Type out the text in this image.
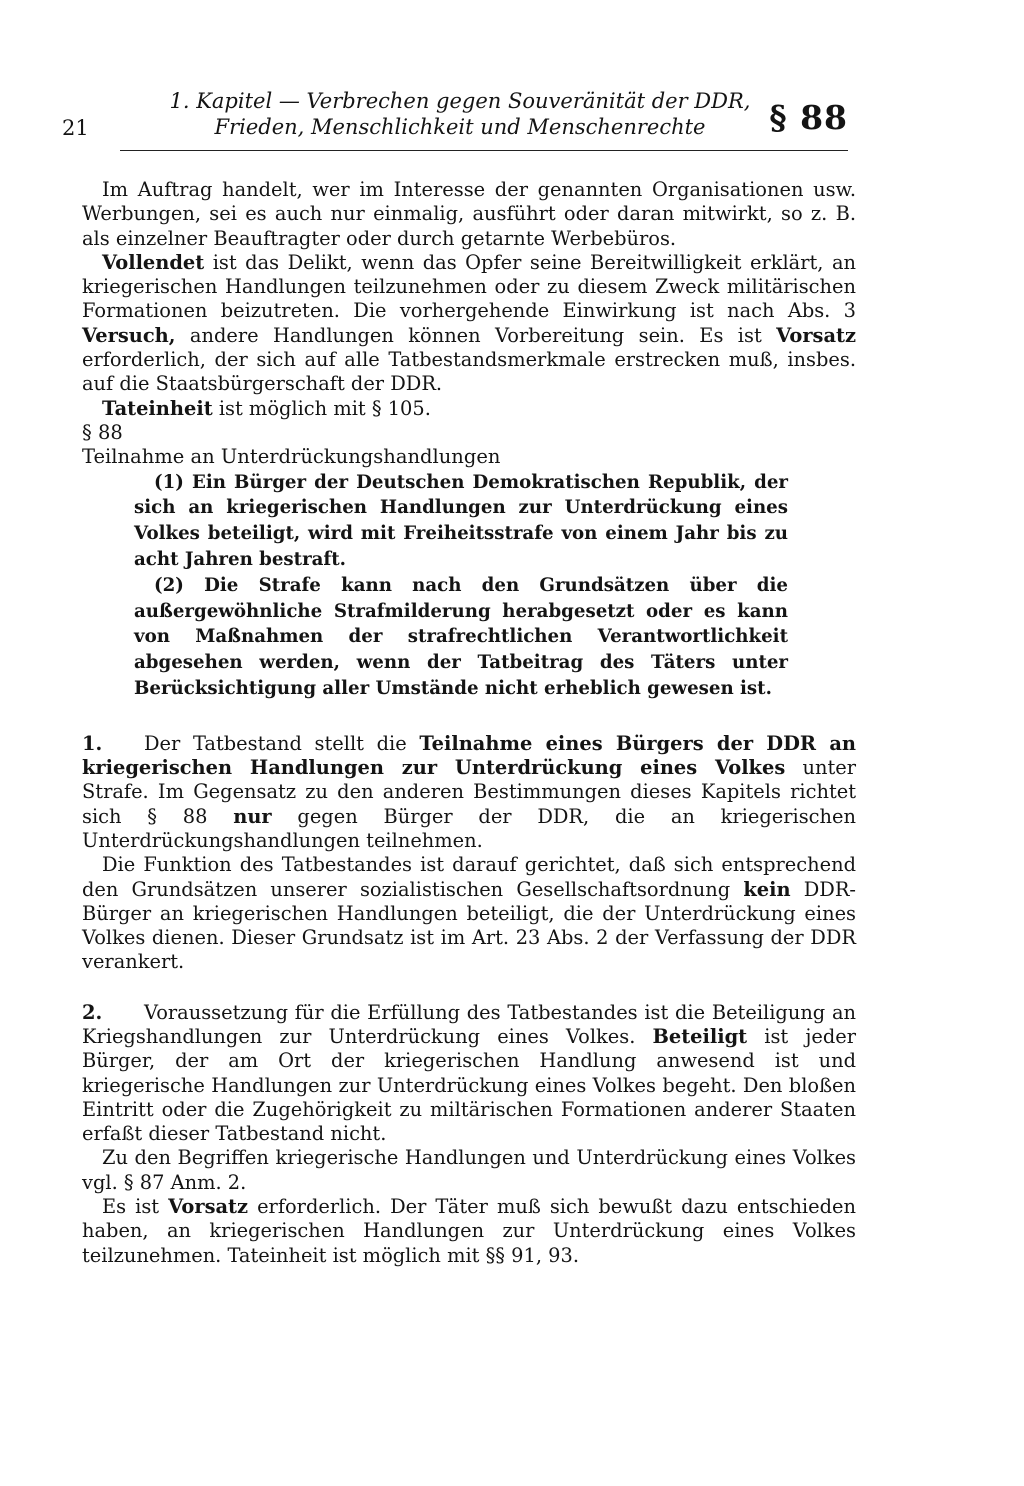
21
1. Kapitel — Verbrechen gegen Souveränität der DDR,
Frieden, Menschlichkeit und Menschenrechte	§ 88

Im Auftrag handelt, wer im Interesse der genannten Organisationen usw. Werbungen, sei es auch nur einmalig, ausführt oder daran mitwirkt, so z. B. als einzelner Beauftragter oder durch getarnte Werbebüros.

Vollendet ist das Delikt, wenn das Opfer seine Bereitwilligkeit erklärt, an kriegerischen Handlungen teilzunehmen oder zu diesem Zweck militärischen Formationen beizutreten. Die vorhergehende Einwirkung ist nach Abs. 3 Versuch, andere Handlungen können Vorbereitung sein. Es ist Vorsatz erforderlich, der sich auf alle Tatbestandsmerkmale erstrecken muß, insbes. auf die Staatsbürgerschaft der DDR.

Tateinheit ist möglich mit § 105.

§ 88

Teilnahme an Unterdrückungshandlungen

(1) Ein Bürger der Deutschen Demokratischen Republik, der sich an kriegerischen Handlungen zur Unterdrückung eines Volkes beteiligt, wird mit Freiheitsstrafe von einem Jahr bis zu acht Jahren bestraft.

(2) Die Strafe kann nach den Grundsätzen über die außergewöhnliche Strafmilderung herabgesetzt oder es kann von Maßnahmen der strafrechtlichen Verantwortlichkeit abgesehen werden, wenn der Tatbeitrag des Täters unter Berücksichtigung aller Umstände nicht erheblich gewesen ist.

1. Der Tatbestand stellt die Teilnahme eines Bürgers der DDR an kriegerischen Handlungen zur Unterdrückung eines Volkes unter Strafe. Im Gegensatz zu den anderen Bestimmungen dieses Kapitels richtet sich § 88 nur gegen Bürger der DDR, die an kriegerischen Unterdrückungshandlungen teilnehmen.

Die Funktion des Tatbestandes ist darauf gerichtet, daß sich entsprechend den Grundsätzen unserer sozialistischen Gesellschaftsordnung kein DDR-Bürger an kriegerischen Handlungen beteiligt, die der Unterdrückung eines Volkes dienen. Dieser Grundsatz ist im Art. 23 Abs. 2 der Verfassung der DDR verankert.

2. Voraussetzung für die Erfüllung des Tatbestandes ist die Beteiligung an Kriegshandlungen zur Unterdrückung eines Volkes. Beteiligt ist jeder Bürger, der am Ort der kriegerischen Handlung anwesend ist und kriegerische Handlungen zur Unterdrückung eines Volkes begeht. Den bloßen Eintritt oder die Zugehörigkeit zu miltärischen Formationen anderer Staaten erfaßt dieser Tatbestand nicht.

Zu den Begriffen kriegerische Handlungen und Unterdrückung eines Volkes vgl. § 87 Anm. 2.

Es ist Vorsatz erforderlich. Der Täter muß sich bewußt dazu entschieden haben, an kriegerischen Handlungen zur Unterdrückung eines Volkes teilzunehmen. Tateinheit ist möglich mit §§ 91, 93.
